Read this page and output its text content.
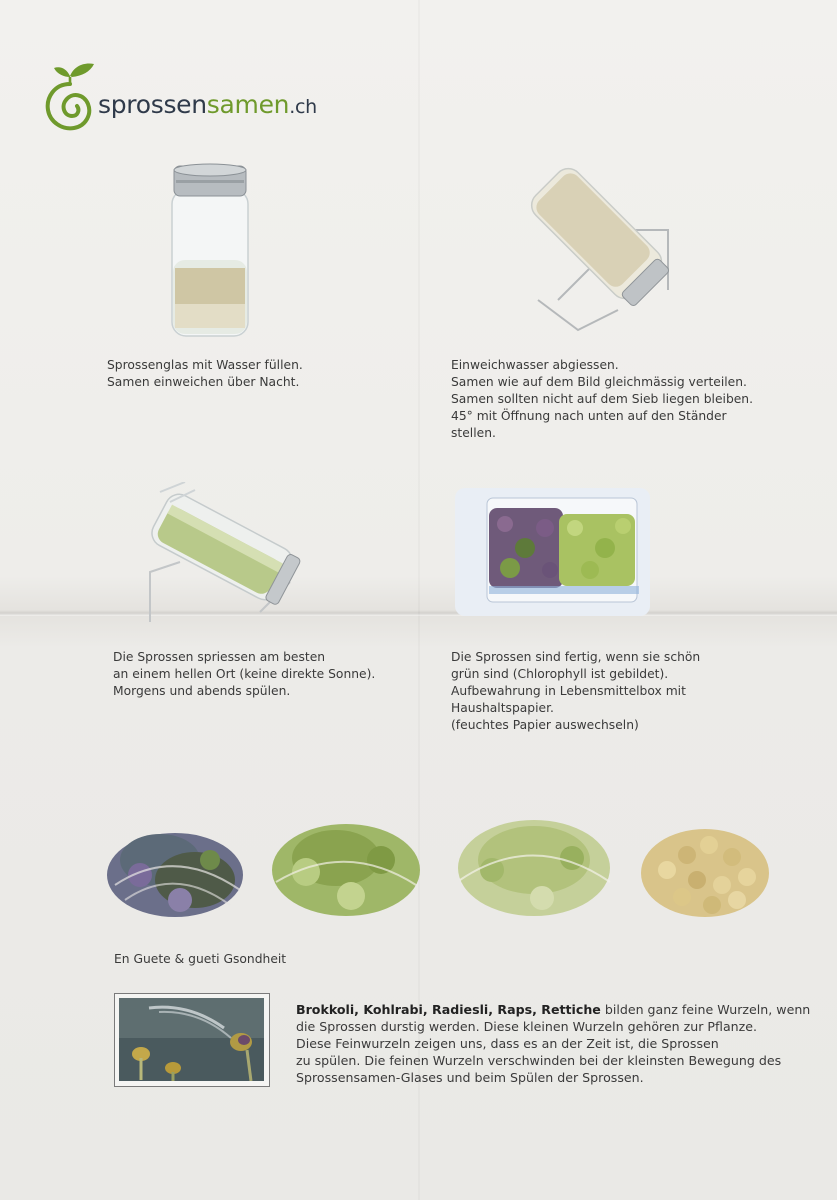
sprossensamen.ch
Sprossenglas mit Wasser füllen.
Samen einweichen über Nacht.
Einweichwasser abgiessen.
Samen wie auf dem Bild gleichmässig verteilen.
Samen sollten nicht auf dem Sieb liegen bleiben.
45° mit Öffnung nach unten auf den Ständer
stellen.
Die Sprossen spriessen am besten
an einem hellen Ort (keine direkte Sonne).
Morgens und abends spülen.
Die Sprossen sind fertig, wenn sie schön
grün sind (Chlorophyll ist gebildet).
Aufbewahrung in Lebensmittelbox mit
Haushaltspapier.
(feuchtes Papier auswechseln)
En Guete & gueti Gsondheit
Brokkoli, Kohlrabi, Radiesli, Raps, Rettiche bilden ganz feine Wurzeln, wenn
die Sprossen durstig werden. Diese kleinen Wurzeln gehören zur Pflanze.
Diese Feinwurzeln zeigen uns, dass es an der Zeit ist, die Sprossen
zu spülen. Die feinen Wurzeln verschwinden bei der kleinsten Bewegung des
Sprossensamen-Glases und beim Spülen der Sprossen.
